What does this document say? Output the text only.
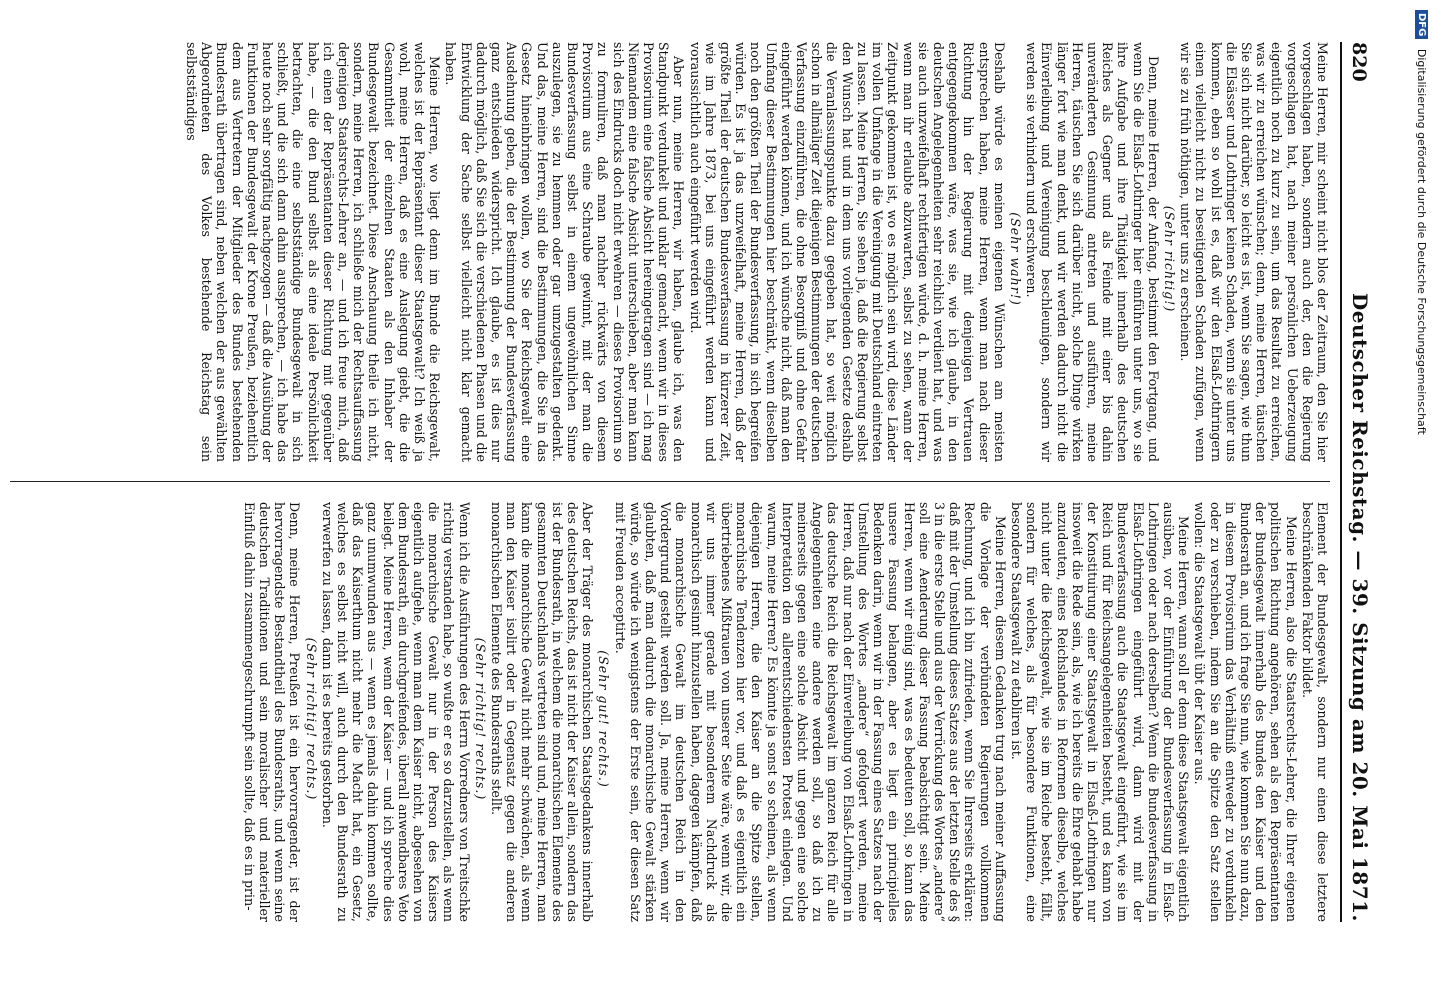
820
Deutscher Reichstag. — 39. Sitzung am 20. Mai 1871.

Meine Herren, mir scheint nicht blos der Zeitraum, den Sie hier vorgeschlagen haben, sondern auch der, den die Regierung vorgeschlagen hat, nach meiner persönlichen Ueberzeugung eigentlich noch zu kurz zu sein, um das Resultat zu erreichen, was wir zu erreichen wünschen; denn, meine Herren, täuschen Sie sich nicht darüber, so leicht es ist, wenn Sie sagen, wie thun die Elsässer und Lothringer keinen Schaden, wenn sie unter uns kommen, eben so wohl ist es, daß wir den Elsaß-Lothringern einen vielleicht nicht zu beseitigenden Schaden zufügen, wenn wir sie zu früh nöthigen, unter uns zu erscheinen.

(Sehr richtig!)

Denn, meine Herren, der Anfang, bestimmt den Fortgang, und wenn Sie die Elsaß-Lothringer hier einführen unter uns, wo sie ihre Aufgabe und ihre Thätigkeit innerhalb des deutschen Reiches als Gegner und als Feinde mit einer bis dahin unveränderten Gesinnung antreten und ausführen, meine Herren, täuschen Sie sich darüber nicht, solche Dinge wirken länger fort wie man denkt, und wir werden dadurch nicht die Einverleibung und Vereinigung beschleunigen, sondern wir werden sie verhindern und erschweren.

(Sehr wahr!)

Deshalb würde es meinen eigenen Wünschen am meisten entsprechen haben, meine Herren, wenn man nach dieser Richtung hin der Regierung mit denjenigen Vertrauen entgegengekommen wäre, was sie, wie ich glaube, in den deutschen Angelegenheiten sehr reichlich verdient hat, und was sie auch unzweifelhaft rechtfertigen würde, d. h. meine Herren, wenn man ihr erlaubte abzuwarten, selbst zu sehen, wann der Zeitpunkt gekommen ist, wo es möglich sein wird, diese Länder im vollen Umfange in die Vereinigung mit Deutschland eintreten zu lassen. Meine Herren, Sie sehen ja, daß die Regierung selbst den Wunsch hat und in dem uns vorliegenden Gesetze deshalb die Veranlassungspunkte dazu gegeben hat, so weit möglich schon in allmäliger Zeit diejenigen Bestimmungen der deutschen Verfassung einzuführen, die ohne Besorgniß und ohne Gefahr eingeführt werden können, und ich wünsche nicht, daß man den Umfang dieser Bestimmungen hier beschränkt, wenn dieselben noch den größten Theil der Bundesverfassung, in sich begreifen würden. Es ist ja das unzweifelhaft, meine Herren, daß der größte Theil der deutschen Bundesverfassung in kürzerer Zeit, wie im Jahre 1873, bei uns eingeführt werden kann und voraussichtlich auch eingeführt werden wird.

Aber nun, meine Herren, wir haben, glaube ich, was den Standpunkt verdunkelt und unklar gemacht, wenn wir in dieses Provisorium eine falsche Absicht hereingetragen sind — ich mag Niemandem eine falsche Absicht unterschieben, aber man kann sich des Eindrucks doch nicht erwehren — dieses Provisorium so zu formuliren, daß man nachher rückwärts von diesem Provisorium aus eine Schraube gewinnt, mit der man die Bundesverfassung selbst in einem ungewöhnlichen Sinne auszulegen, sie zu hemmen oder gar umzugestalten gedenkt. Und das, meine Herren, sind die Bestimmungen, die Sie in das Gesetz hineinbringen wollen, wo Sie der Reichsgewalt eine Ausdehnung geben, die der Bestimmung der Bundesverfassung ganz entschieden widerspricht. Ich glaube, es ist dies nur dadurch möglich, daß Sie sich die verschiedenen Phasen und die Entwicklung der Sache selbst vielleicht nicht klar gemacht haben.

Meine Herren, wo liegt denn im Bunde die Reichsgewalt, welches ist der Repräsentant dieser Staatsgewalt? Ich weiß ja wohl, meine Herren, daß es eine Auslegung giebt, die die Gesammtheit der einzelnen Staaten als den Inhaber der Bundesgewalt bezeichnet. Diese Anschauung theile ich nicht, sondern, meine Herren, ich schließe mich der Rechtsauffassung derjenigen Staatsrechts-Lehrer an, — und ich freue mich, daß ich einen der Repräsentanten dieser Richtung mit gegenüber habe, — die den Bund selbst als eine ideale Persönlichkeit betrachten, die eine selbstständige Bundesgewalt in sich schließt, und die sich dann dahin aussprechen, — ich habe das heute noch sehr sorgfältig nachgezogen — daß die Ausübung der Funktionen der Bundesgewalt der Krone Preußen, beziehentlich dem aus Vertretern der Mitglieder des Bundes bestehenden Bundesrath übertragen sind, neben welchen der aus gewählten Abgeordneten des Volkes bestehende Reichstag sein selbstständiges

Element der Bundesgewalt, sondern nur einen diese letztere beschränkenden Faktor bildet.

Meine Herren, also die Staatsrechts-Lehrer, die Ihrer eigenen politischen Richtung angehören, sehen als den Repräsentanten der Bundesgewalt innerhalb des Bundes den Kaiser und den Bundesrath an, und ich frage Sie nun, wie kommen Sie nun dazu, in diesem Provisorium das Verhältniß entweder zu verdunkeln oder zu verschieben, indem Sie an die Spitze den Satz stellen wollen: die Staatsgewalt übt der Kaiser aus.

Meine Herren, wann soll er denn diese Staatsgewalt eigentlich ausüben, vor der Einführung der Bundesverfassung in Elsaß-Lothringen oder nach derselben? Wenn die Bundesverfassung in Elsaß-Lothringen eingeführt wird, dann wird mit der Bundesverfassung auch die Staatsgewalt eingeführt, wie sie im Reich und für Reichsangelegenheiten besteht, und es kann von der Konstituirung einer Staatsgewalt in Elsaß-Lothringen nur insoweit die Rede sein, als, wie ich bereits die Ehre gehabt habe anzudeuten, eines Reichslandes in Reformen dieselbe, welches nicht unter die Reichsgewalt, wie sie im Reiche besteht, fällt, sondern für welches, als für besondere Funktionen, eine besondere Staatsgewalt zu etabliren ist.

Meine Herren, diesem Gedanken trug nach meiner Auffassung die Vorlage der verbündeten Regierungen vollkommen Rechnung, und ich bin zufrieden, wenn Sie Ihrerseits erklären: daß mit der Umstellung dieses Satzes aus der letzten Stelle des § 3 in die erste Stelle und aus der Verrückung des Wortes „andere“ soll eine Aenderung dieser Fassung beabsichtigt sein. Meine Herren, wenn wir einig sind, was es bedeuten soll, so kann das unsere Fassung belangen, aber es liegt ein principielles Bedenken darin, wenn wir in der Fassung eines Satzes nach der Umstellung des Wortes „andere“ gefolgert werden, meine Herren, daß nur nach der Einverleibung von Elsaß-Lothringen in das deutsche Reich die Reichsgewalt im ganzen Reich für alle Angelegenheiten eine andere werden soll, so daß ich zu meinerseits gegen eine solche Absicht und gegen eine solche Interpretation den allerentschiedensten Protest einlegen. Und warum, meine Herren? Es könnte ja sonst so scheinen, als wenn diejenigen Herren, die den Kaiser an die Spitze stellen, monarchische Tendenzen hier vor, und daß es eigentlich ein übertriebenes Mißtrauen von unserer Seite wäre, wenn wir, die wir uns immer gerade mit besonderem Nachdruck als monarchisch gesinnt hinzustellen haben, dagegen kämpfen, daß die monarchische Gewalt im deutschen Reich in den Vordergrund gestellt werden soll. Ja, meine Herren, wenn wir glaubten, daß man dadurch die monarchische Gewalt stärken würde, so würde ich wenigstens der Erste sein, der diesen Satz mit Freuden acceptirte.

(Sehr gut! rechts.)

Aber der Träger des monarchischen Staatsgedankens innerhalb des deutschen Reichs, das ist nicht der Kaiser allein, sondern das ist der Bundesrath, in welchem die monarchischen Elemente des gesammten Deutschlands vertreten sind und, meine Herren, man kann die monarchische Gewalt nicht mehr schwächen, als wenn man den Kaiser isolirt oder in Gegensatz gegen die anderen monarchischen Elemente des Bundesraths stellt.

(Sehr richtig! rechts.)

Wenn ich die Ausführungen des Herrn Vorredners von Treitschke richtig verstanden habe, so wußte er es so darzustellen, als wenn die monarchische Gewalt nur in der Person des Kaisers eigentlich aufgehe, wenn man dem Kaiser nicht, abgesehen von dem Bundesrath, ein durchgreifendes, überall anwendbares Veto beilegt. Meine Herren, wenn der Kaiser — und ich spreche dies ganz unumwunden aus — wenn es jemals dahin kommen sollte, daß das Kaiserthum nicht mehr die Macht hat, ein Gesetz, welches es selbst nicht will, auch durch den Bundesrath zu verwerfen zu lassen, dann ist es bereits gestorben.

(Sehr richtig! rechts.)

Denn, meine Herren, Preußen ist ein hervorragender, ist der hervorragendste Bestandtheil des Bundesraths, und wenn seine deutschen Traditionen und sein moralischer und materieller Einfluß dahin zusammengeschrumpft sein sollte, daß es in prin-

DFG Digitalisierung gefördert durch die Deutsche Forschungsgemeinschaft
